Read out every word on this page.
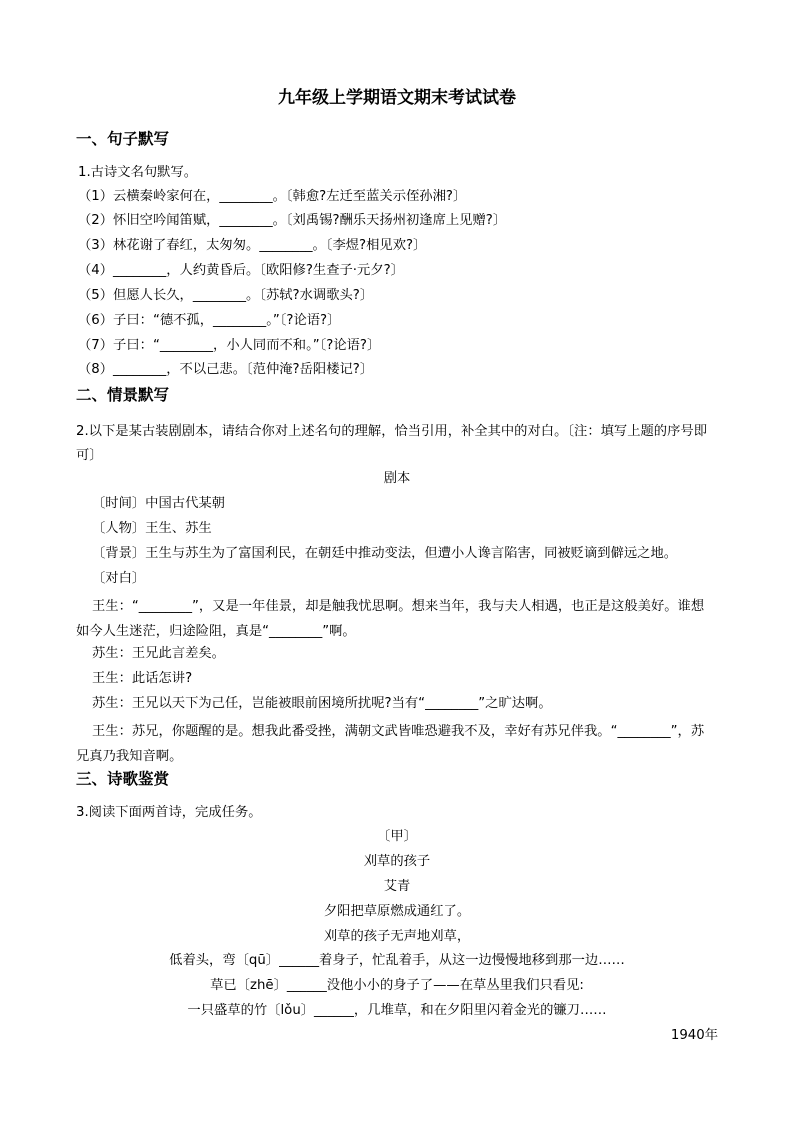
九年级上学期语文期末考试试卷
一、句子默写
1.古诗文名句默写。
（1）云横秦岭家何在，________。〔韩愈?左迁至蓝关示侄孙湘?〕
（2）怀旧空吟闻笛赋，________。〔刘禹锡?酬乐天扬州初逢席上见赠?〕
（3）林花谢了春红，太匆匆。________。〔李煜?相见欢?〕
（4）________，人约黄昏后。〔欧阳修?生查子·元夕?〕
（5）但愿人长久，________。〔苏轼?水调歌头?〕
（6）子曰：“德不孤，________。”〔?论语?〕
（7）子曰：“________，小人同而不和。”〔?论语?〕
（8）________，不以己悲。〔范仲淹?岳阳楼记?〕
二、情景默写
2.以下是某古装剧剧本，请结合你对上述名句的理解，恰当引用，补全其中的对白。〔注：填写上题的序号即可〕
剧本
〔时间〕中国古代某朝
〔人物〕王生、苏生
〔背景〕王生与苏生为了富国利民，在朝廷中推动变法，但遭小人谗言陷害，同被贬谪到僻远之地。
〔对白〕
王生：“________”，又是一年佳景，却是触我忧思啊。想来当年，我与夫人相遇，也正是这般美好。谁想如今人生迷茫，归途险阻，真是“________”啊。
苏生：王兄此言差矣。
王生：此话怎讲?
苏生：王兄以天下为己任，岂能被眼前困境所扰呢?当有“________”之旷达啊。
王生：苏兄，你题醒的是。想我此番受挫，满朝文武皆唯恐避我不及，幸好有苏兄伴我。“________”，苏兄真乃我知音啊。
三、诗歌鉴赏
3.阅读下面两首诗，完成任务。
〔甲〕
刈草的孩子
艾青
夕阳把草原燃成通红了。
刈草的孩子无声地刈草，
低着头，弯〔qū〕______着身子，忙乱着手，从这一边慢慢地移到那一边……
草已〔zhē〕______没他小小的身子了——在草丛里我们只看见:
一只盛草的竹〔lǒu〕______，几堆草，和在夕阳里闪着金光的镰刀……
1940年
